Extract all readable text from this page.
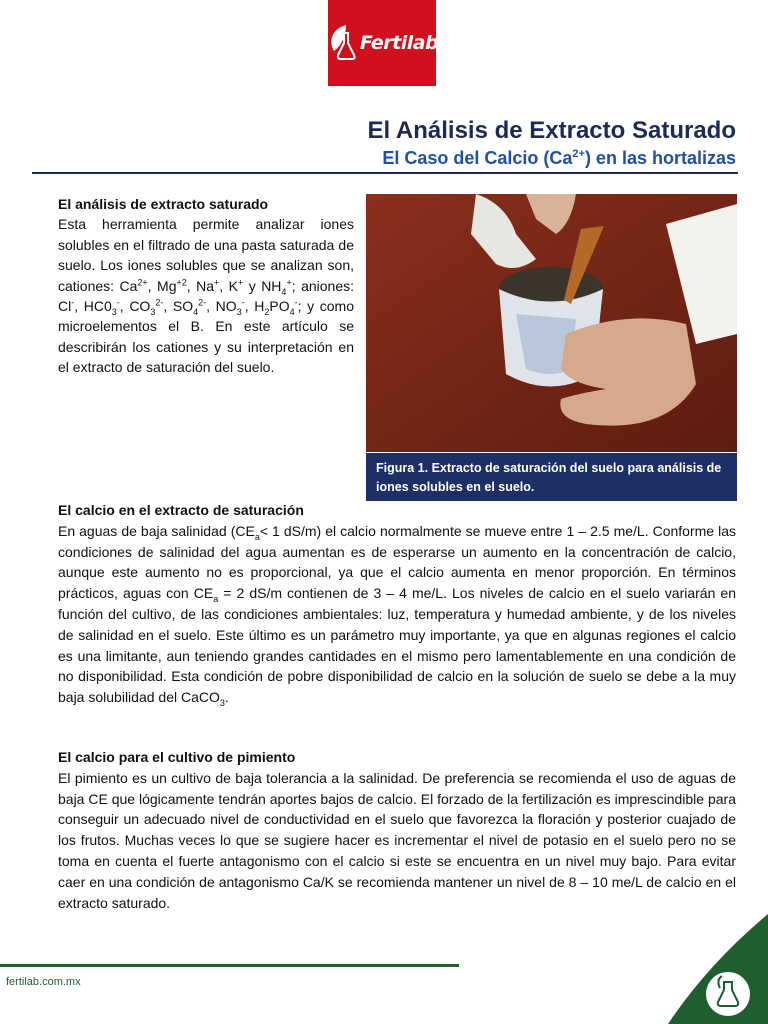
Fertilab
El Análisis de Extracto Saturado
El Caso del Calcio $(Ca^{2+})$ en las hortalizas
El análisis de extracto saturado
Esta herramienta permite analizar iones solubles en el filtrado de una pasta saturada de suelo. Los iones solubles que se analizan son, cationes: $Ca^{2+}$, $Mg^{+2}$, Na+, K+ y $NH_4^+$; aniones: Cl-, $HC0_3^-$, $CO_3^{2-}$, $SO_4^{2-}$, $NO_3^-$, $H_2PO_4^-$; y como microelementos el B. En este artículo se describirán los cationes y su interpretación en el extracto de saturación del suelo.
Figura 1. Extracto de saturación del suelo para análisis de iones solubles en el suelo.
El calcio en el extracto de saturación
En aguas de baja salinidad ($CE_a< 1$ dS/m) el calcio normalmente se mueve entre 1 – 2.5 me/L. Conforme las condiciones de salinidad del agua aumentan es de esperarse un aumento en la concentración de calcio, aunque este aumento no es proporcional, ya que el calcio aumenta en menor proporción. En términos prácticos, aguas con $CE_a = 2$ dS/m contienen de 3 – 4 me/L. Los niveles de calcio en el suelo variarán en función del cultivo, de las condiciones ambientales: luz, temperatura y humedad ambiente, y de los niveles de salinidad en el suelo. Este último es un parámetro muy importante, ya que en algunas regiones el calcio es una limitante, aun teniendo grandes cantidades en el mismo pero lamentablemente en una condición de no disponibilidad. Esta condición de pobre disponibilidad de calcio en la solución de suelo se debe a la muy baja solubilidad del CaCO$_3$.
El calcio para el cultivo de pimiento
El pimiento es un cultivo de baja tolerancia a la salinidad. De preferencia se recomienda el uso de aguas de baja CE que lógicamente tendrán aportes bajos de calcio. El forzado de la fertilización es imprescindible para conseguir un adecuado nivel de conductividad en el suelo que favorezca la floración y posterior cuajado de los frutos. Muchas veces lo que se sugiere hacer es incrementar el nivel de potasio en el suelo pero no se toma en cuenta el fuerte antagonismo con el calcio si este se encuentra en un nivel muy bajo. Para evitar caer en una condición de antagonismo Ca/K se recomienda mantener un nivel de 8 – 10 me/L de calcio en el extracto saturado.
fertilab.com.mx
